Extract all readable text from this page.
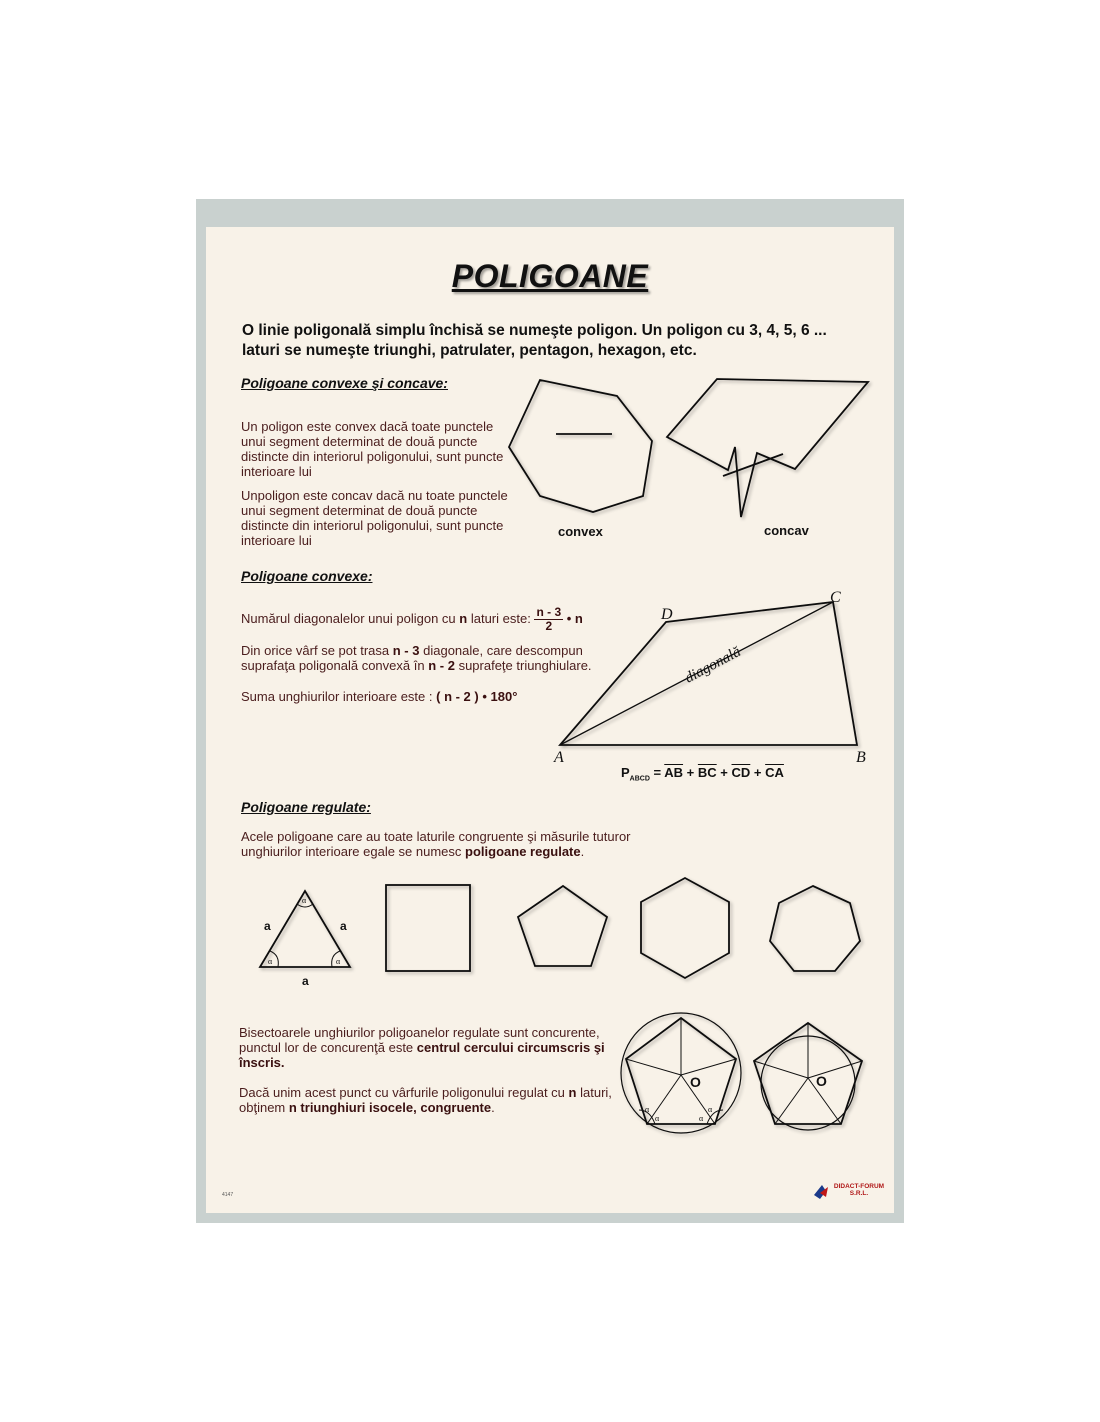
POLIGOANE

O linie poligonală simplu închisă se numeşte poligon. Un poligon cu 3, 4, 5, 6 ... laturi se numeşte triunghi, patrulater, pentagon, hexagon, etc.

Poligoane convexe şi concave:

Un poligon este convex dacă toate punctele unui segment determinat de două puncte distincte din interiorul poligonului, sunt puncte interioare lui

Unpoligon este concav dacă nu toate punctele unui segment determinat de două puncte distincte din interiorul poligonului, sunt puncte interioare lui

convex	concav

Poligoane convexe:

Numărul diagonalelor unui poligon cu n laturi este: $\frac{n - 3}{2}$ • n

Din orice vârf se pot trasa n - 3 diagonale, care descompun suprafaţa poligonală convexă în n - 2 suprafeţe triunghiulare.

Suma unghiurilor interioare este : ( n - 2 ) • 180°

$P_{ABCD} = \overline{AB} + \overline{BC} + \overline{CD} + \overline{CA}$

Poligoane regulate:

Acele poligoane care au toate laturile congruente şi măsurile tuturor unghiurilor interioare egale se numesc poligoane regulate.

Bisectoarele unghiurilor poligoanelor regulate sunt concurente, punctul lor de concurenţă este centrul cercului circumscris şi înscris.

Dacă unim acest punct cu vârfurile poligonului regulat cu n laturi, obţinem n triunghiuri isocele, congruente.

A	B
C
D
diagonală
a	a
a
O	O
α
α	α
α
α
α
α
4147
DIDACT-FORUM
S.R.L.
